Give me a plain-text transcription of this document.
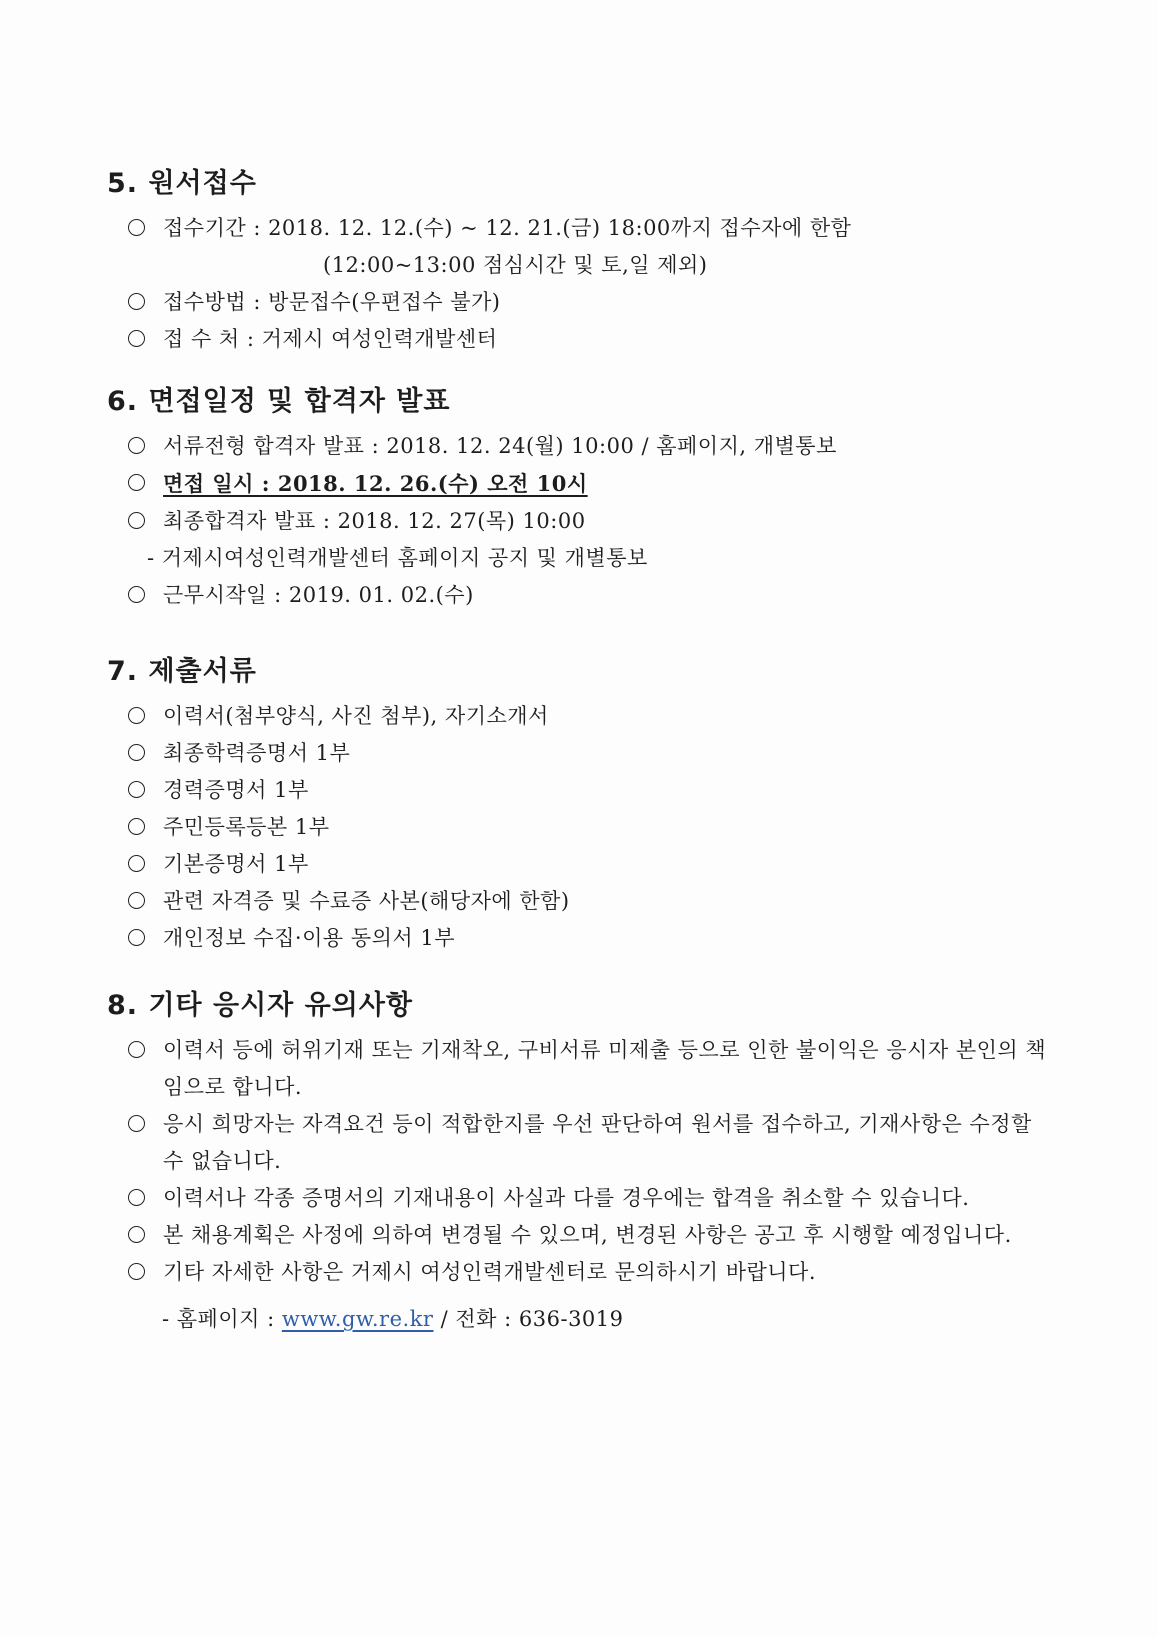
5. 원서접수
접수기간 : 2018. 12. 12.(수) ~ 12. 21.(금) 18:00까지 접수자에 한함
(12:00~13:00 점심시간 및 토,일 제외)
접수방법 : 방문접수(우편접수 불가)
접 수 처 : 거제시 여성인력개발센터
6. 면접일정 및 합격자 발표
서류전형 합격자 발표 : 2018. 12. 24(월) 10:00 / 홈페이지, 개별통보
면접 일시 : 2018. 12. 26.(수) 오전 10시
최종합격자 발표 : 2018. 12. 27(목) 10:00
- 거제시여성인력개발센터 홈페이지 공지 및 개별통보
근무시작일 : 2019. 01. 02.(수)
7. 제출서류
이력서(첨부양식, 사진 첨부), 자기소개서
최종학력증명서 1부
경력증명서 1부
주민등록등본 1부
기본증명서 1부
관련 자격증 및 수료증 사본(해당자에 한함)
개인정보 수집·이용 동의서 1부
8. 기타 응시자 유의사항
이력서 등에 허위기재 또는 기재착오, 구비서류 미제출 등으로 인한 불이익은 응시자 본인의 책임으로 합니다.
응시 희망자는 자격요건 등이 적합한지를 우선 판단하여 원서를 접수하고, 기재사항은 수정할 수 없습니다.
이력서나 각종 증명서의 기재내용이 사실과 다를 경우에는 합격을 취소할 수 있습니다.
본 채용계획은 사정에 의하여 변경될 수 있으며, 변경된 사항은 공고 후 시행할 예정입니다.
기타 자세한 사항은 거제시 여성인력개발센터로 문의하시기 바랍니다.
- 홈페이지 : www.gw.re.kr / 전화 : 636-3019
